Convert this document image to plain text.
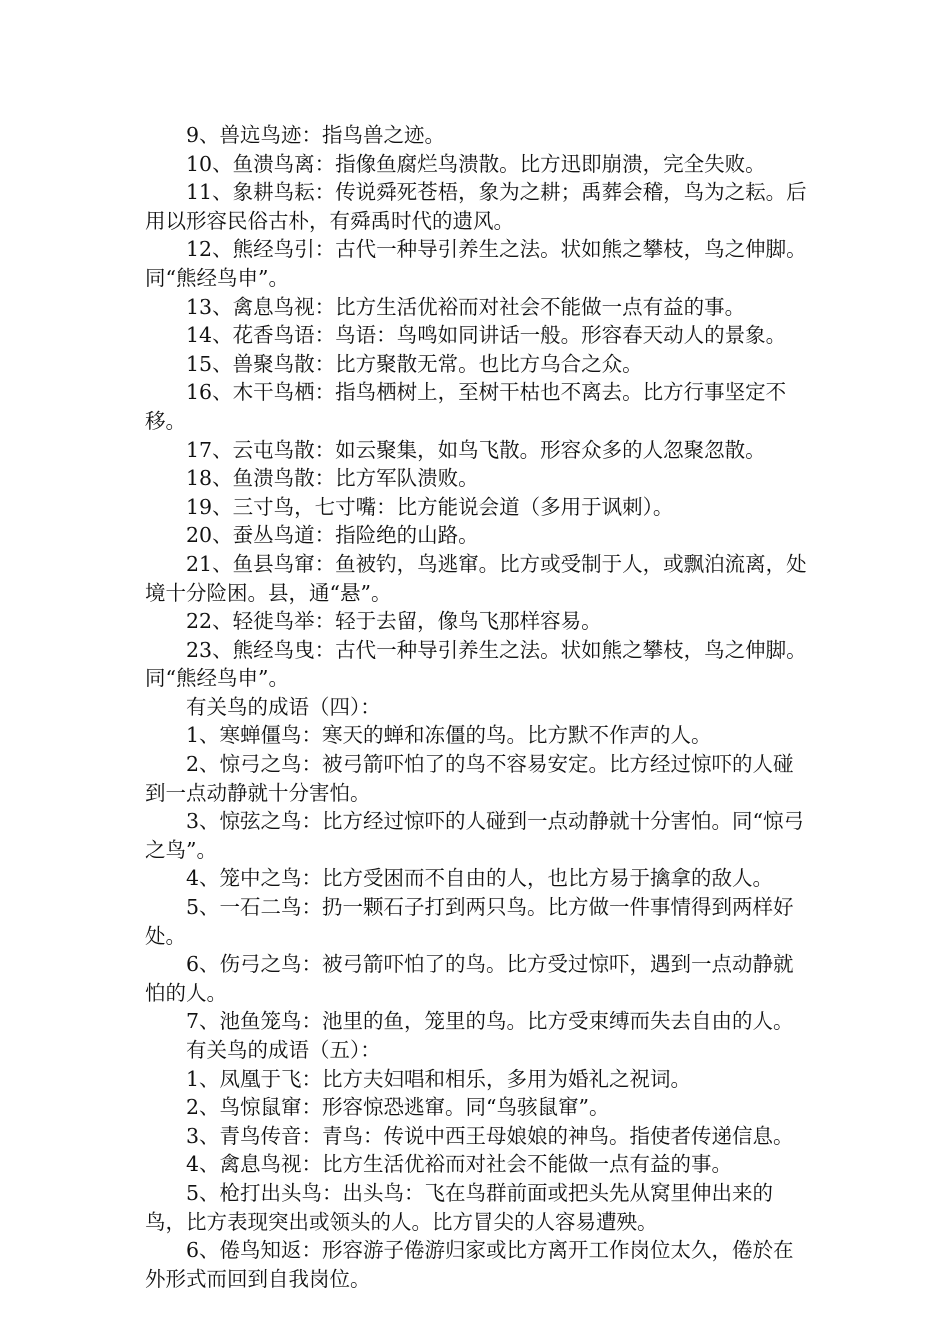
9、兽迒鸟迹：指鸟兽之迹。

10、鱼溃鸟离：指像鱼腐烂鸟溃散。比方迅即崩溃，完全失败。

11、象耕鸟耘：传说舜死苍梧，象为之耕；禹葬会稽，鸟为之耘。后用以形容民俗古朴，有舜禹时代的遗风。

12、熊经鸟引：古代一种导引养生之法。状如熊之攀枝，鸟之伸脚。同“熊经鸟申”。

13、禽息鸟视：比方生活优裕而对社会不能做一点有益的事。

14、花香鸟语：鸟语：鸟鸣如同讲话一般。形容春天动人的景象。

15、兽聚鸟散：比方聚散无常。也比方乌合之众。

16、木干鸟栖：指鸟栖树上，至树干枯也不离去。比方行事坚定不移。

17、云屯鸟散：如云聚集，如鸟飞散。形容众多的人忽聚忽散。

18、鱼溃鸟散：比方军队溃败。

19、三寸鸟，七寸嘴：比方能说会道（多用于讽刺）。

20、蚕丛鸟道：指险绝的山路。

21、鱼县鸟窜：鱼被钓，鸟逃窜。比方或受制于人，或飘泊流离，处境十分险困。县，通“悬”。

22、轻徙鸟举：轻于去留，像鸟飞那样容易。

23、熊经鸟曳：古代一种导引养生之法。状如熊之攀枝，鸟之伸脚。同“熊经鸟申”。

有关鸟的成语（四）：

1、寒蝉僵鸟：寒天的蝉和冻僵的鸟。比方默不作声的人。

2、惊弓之鸟：被弓箭吓怕了的鸟不容易安定。比方经过惊吓的人碰到一点动静就十分害怕。

3、惊弦之鸟：比方经过惊吓的人碰到一点动静就十分害怕。同“惊弓之鸟”。

4、笼中之鸟：比方受困而不自由的人，也比方易于擒拿的敌人。

5、一石二鸟：扔一颗石子打到两只鸟。比方做一件事情得到两样好处。

6、伤弓之鸟：被弓箭吓怕了的鸟。比方受过惊吓，遇到一点动静就怕的人。

7、池鱼笼鸟：池里的鱼，笼里的鸟。比方受束缚而失去自由的人。

有关鸟的成语（五）：

1、凤凰于飞：比方夫妇唱和相乐，多用为婚礼之祝词。

2、鸟惊鼠窜：形容惊恐逃窜。同“鸟骇鼠窜”。

3、青鸟传音：青鸟：传说中西王母娘娘的神鸟。指使者传递信息。

4、禽息鸟视：比方生活优裕而对社会不能做一点有益的事。

5、枪打出头鸟：出头鸟：飞在鸟群前面或把头先从窝里伸出来的鸟，比方表现突出或领头的人。比方冒尖的人容易遭殃。

6、倦鸟知返：形容游子倦游归家或比方离开工作岗位太久，倦於在外形式而回到自我岗位。
